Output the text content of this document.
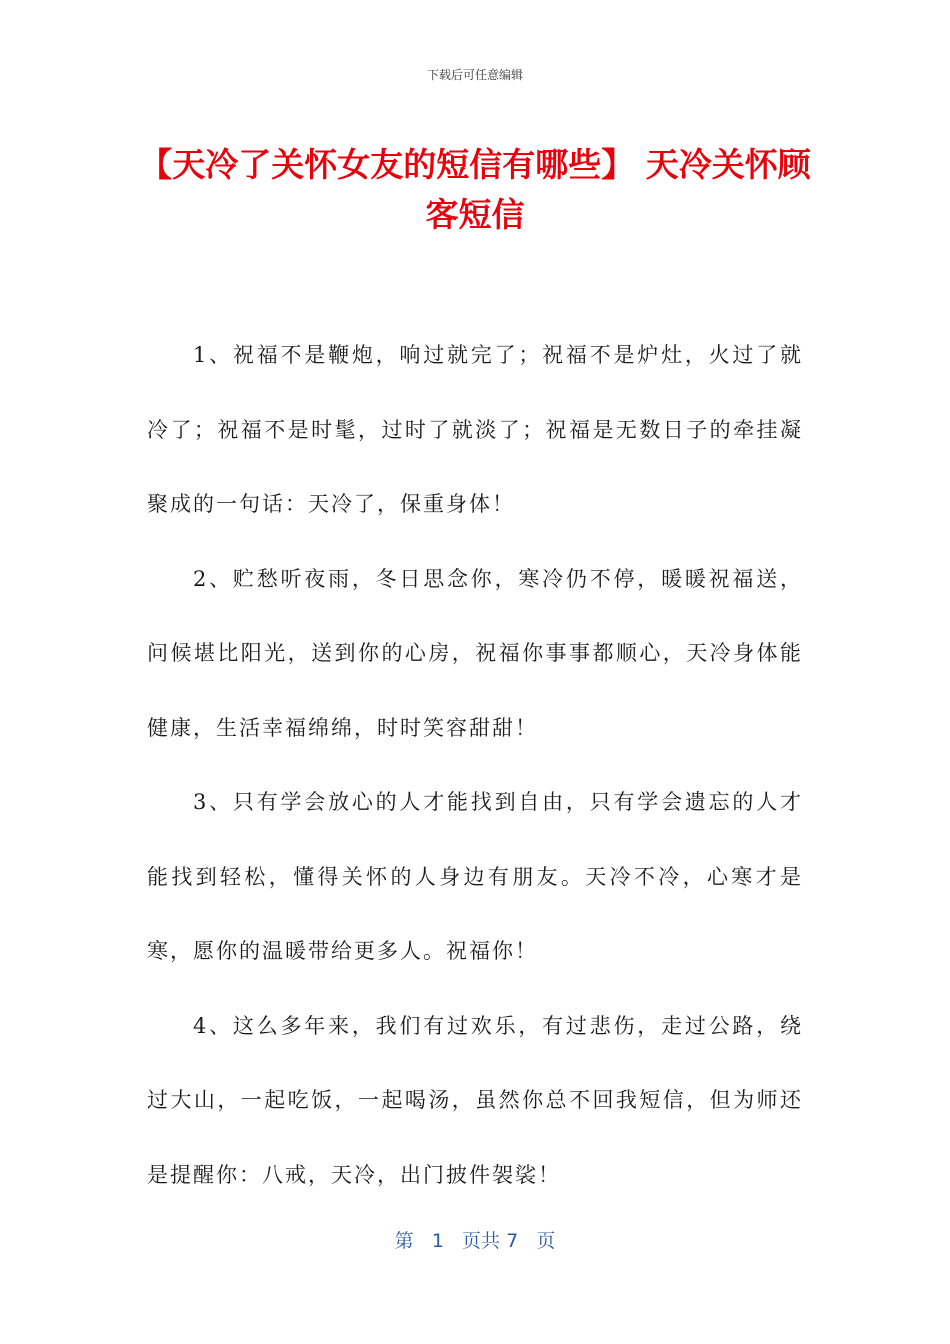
下载后可任意编辑
【天冷了关怀女友的短信有哪些】 天冷关怀顾客短信

1、祝福不是鞭炮，响过就完了；祝福不是炉灶，火过了就冷了；祝福不是时髦，过时了就淡了；祝福是无数日子的牵挂凝聚成的一句话：天冷了，保重身体！

2、贮愁听夜雨，冬日思念你，寒冷仍不停，暖暖祝福送，问候堪比阳光，送到你的心房，祝福你事事都顺心，天冷身体能健康，生活幸福绵绵，时时笑容甜甜！

3、只有学会放心的人才能找到自由，只有学会遗忘的人才能找到轻松，懂得关怀的人身边有朋友。天冷不冷，心寒才是寒，愿你的温暖带给更多人。祝福你！

4、这么多年来，我们有过欢乐，有过悲伤，走过公路，绕过大山，一起吃饭，一起喝汤，虽然你总不回我短信，但为师还是提醒你：八戒，天冷，出门披件袈裟！

第 1 页共 7 页
